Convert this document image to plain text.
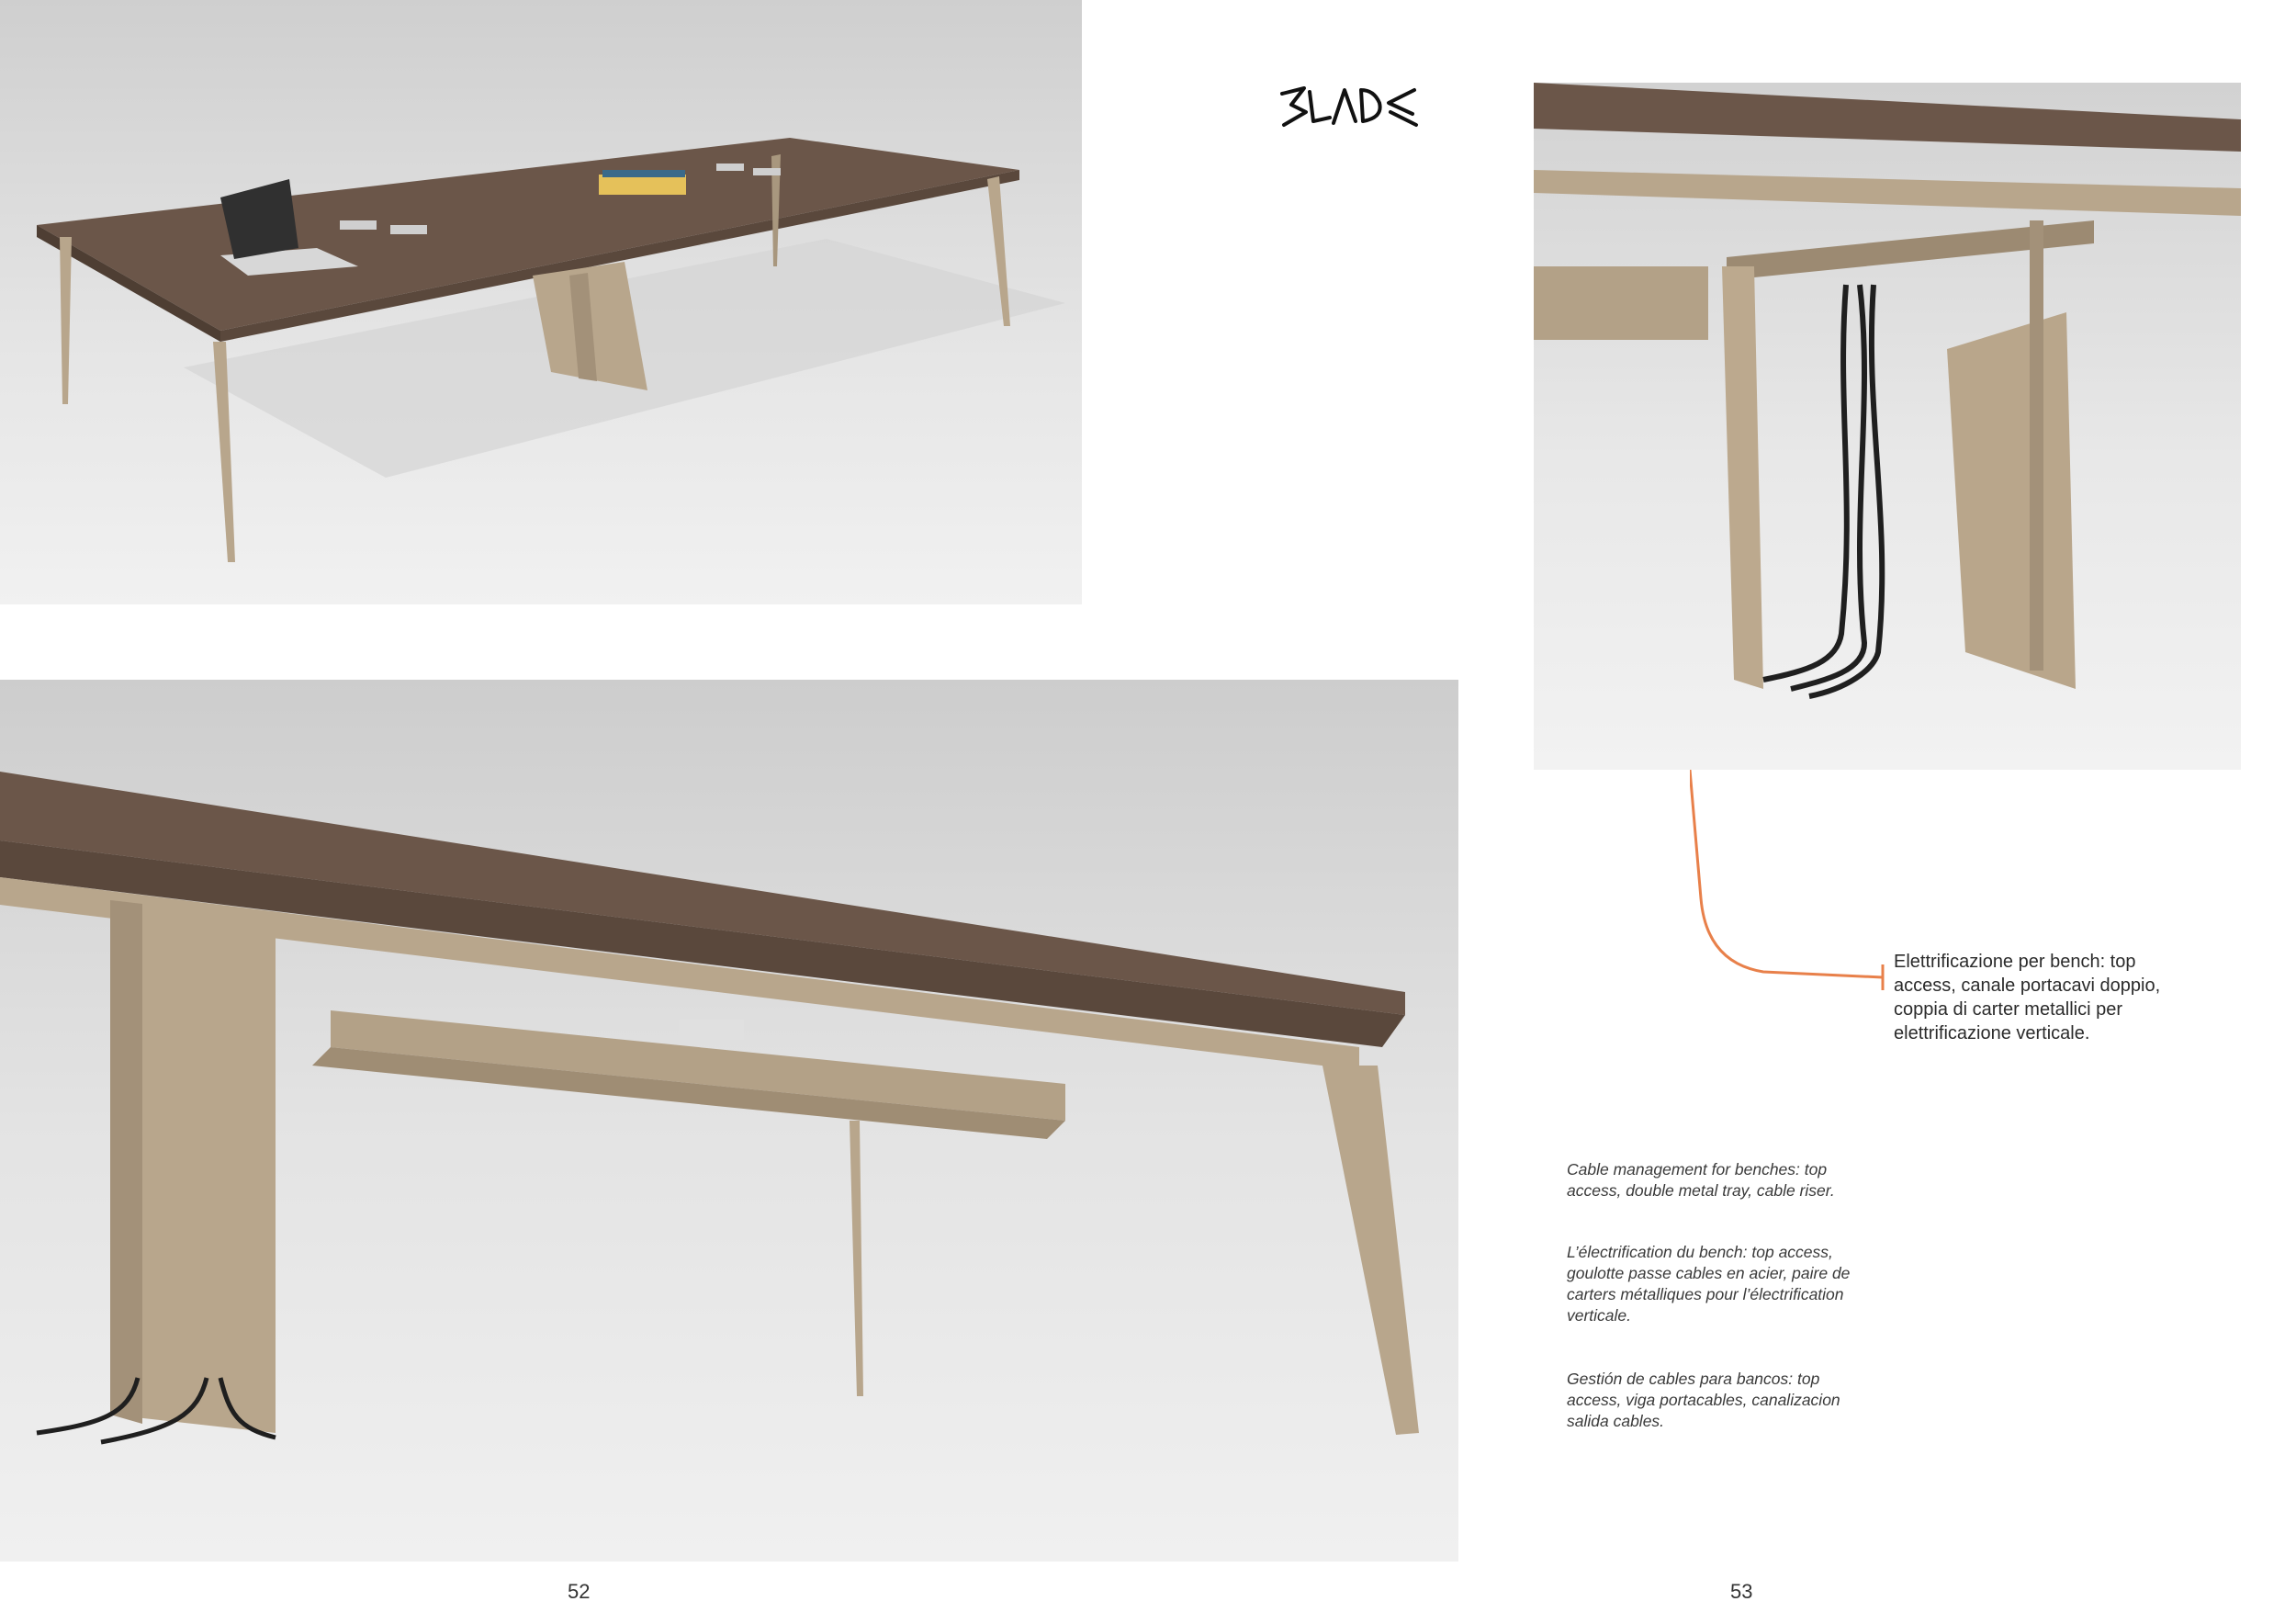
Elettrificazione per bench: top
access, canale portacavi doppio,
coppia di carter metallici per
elettrificazione verticale.
Cable management for benches: top
access, double metal tray, cable riser.
L’électrification du bench: top access,
goulotte passe cables en acier, paire de
carters métalliques pour l’électrification
verticale.
Gestión de cables para bancos: top
access, viga portacables, canalizacion
salida cables.
52	53
